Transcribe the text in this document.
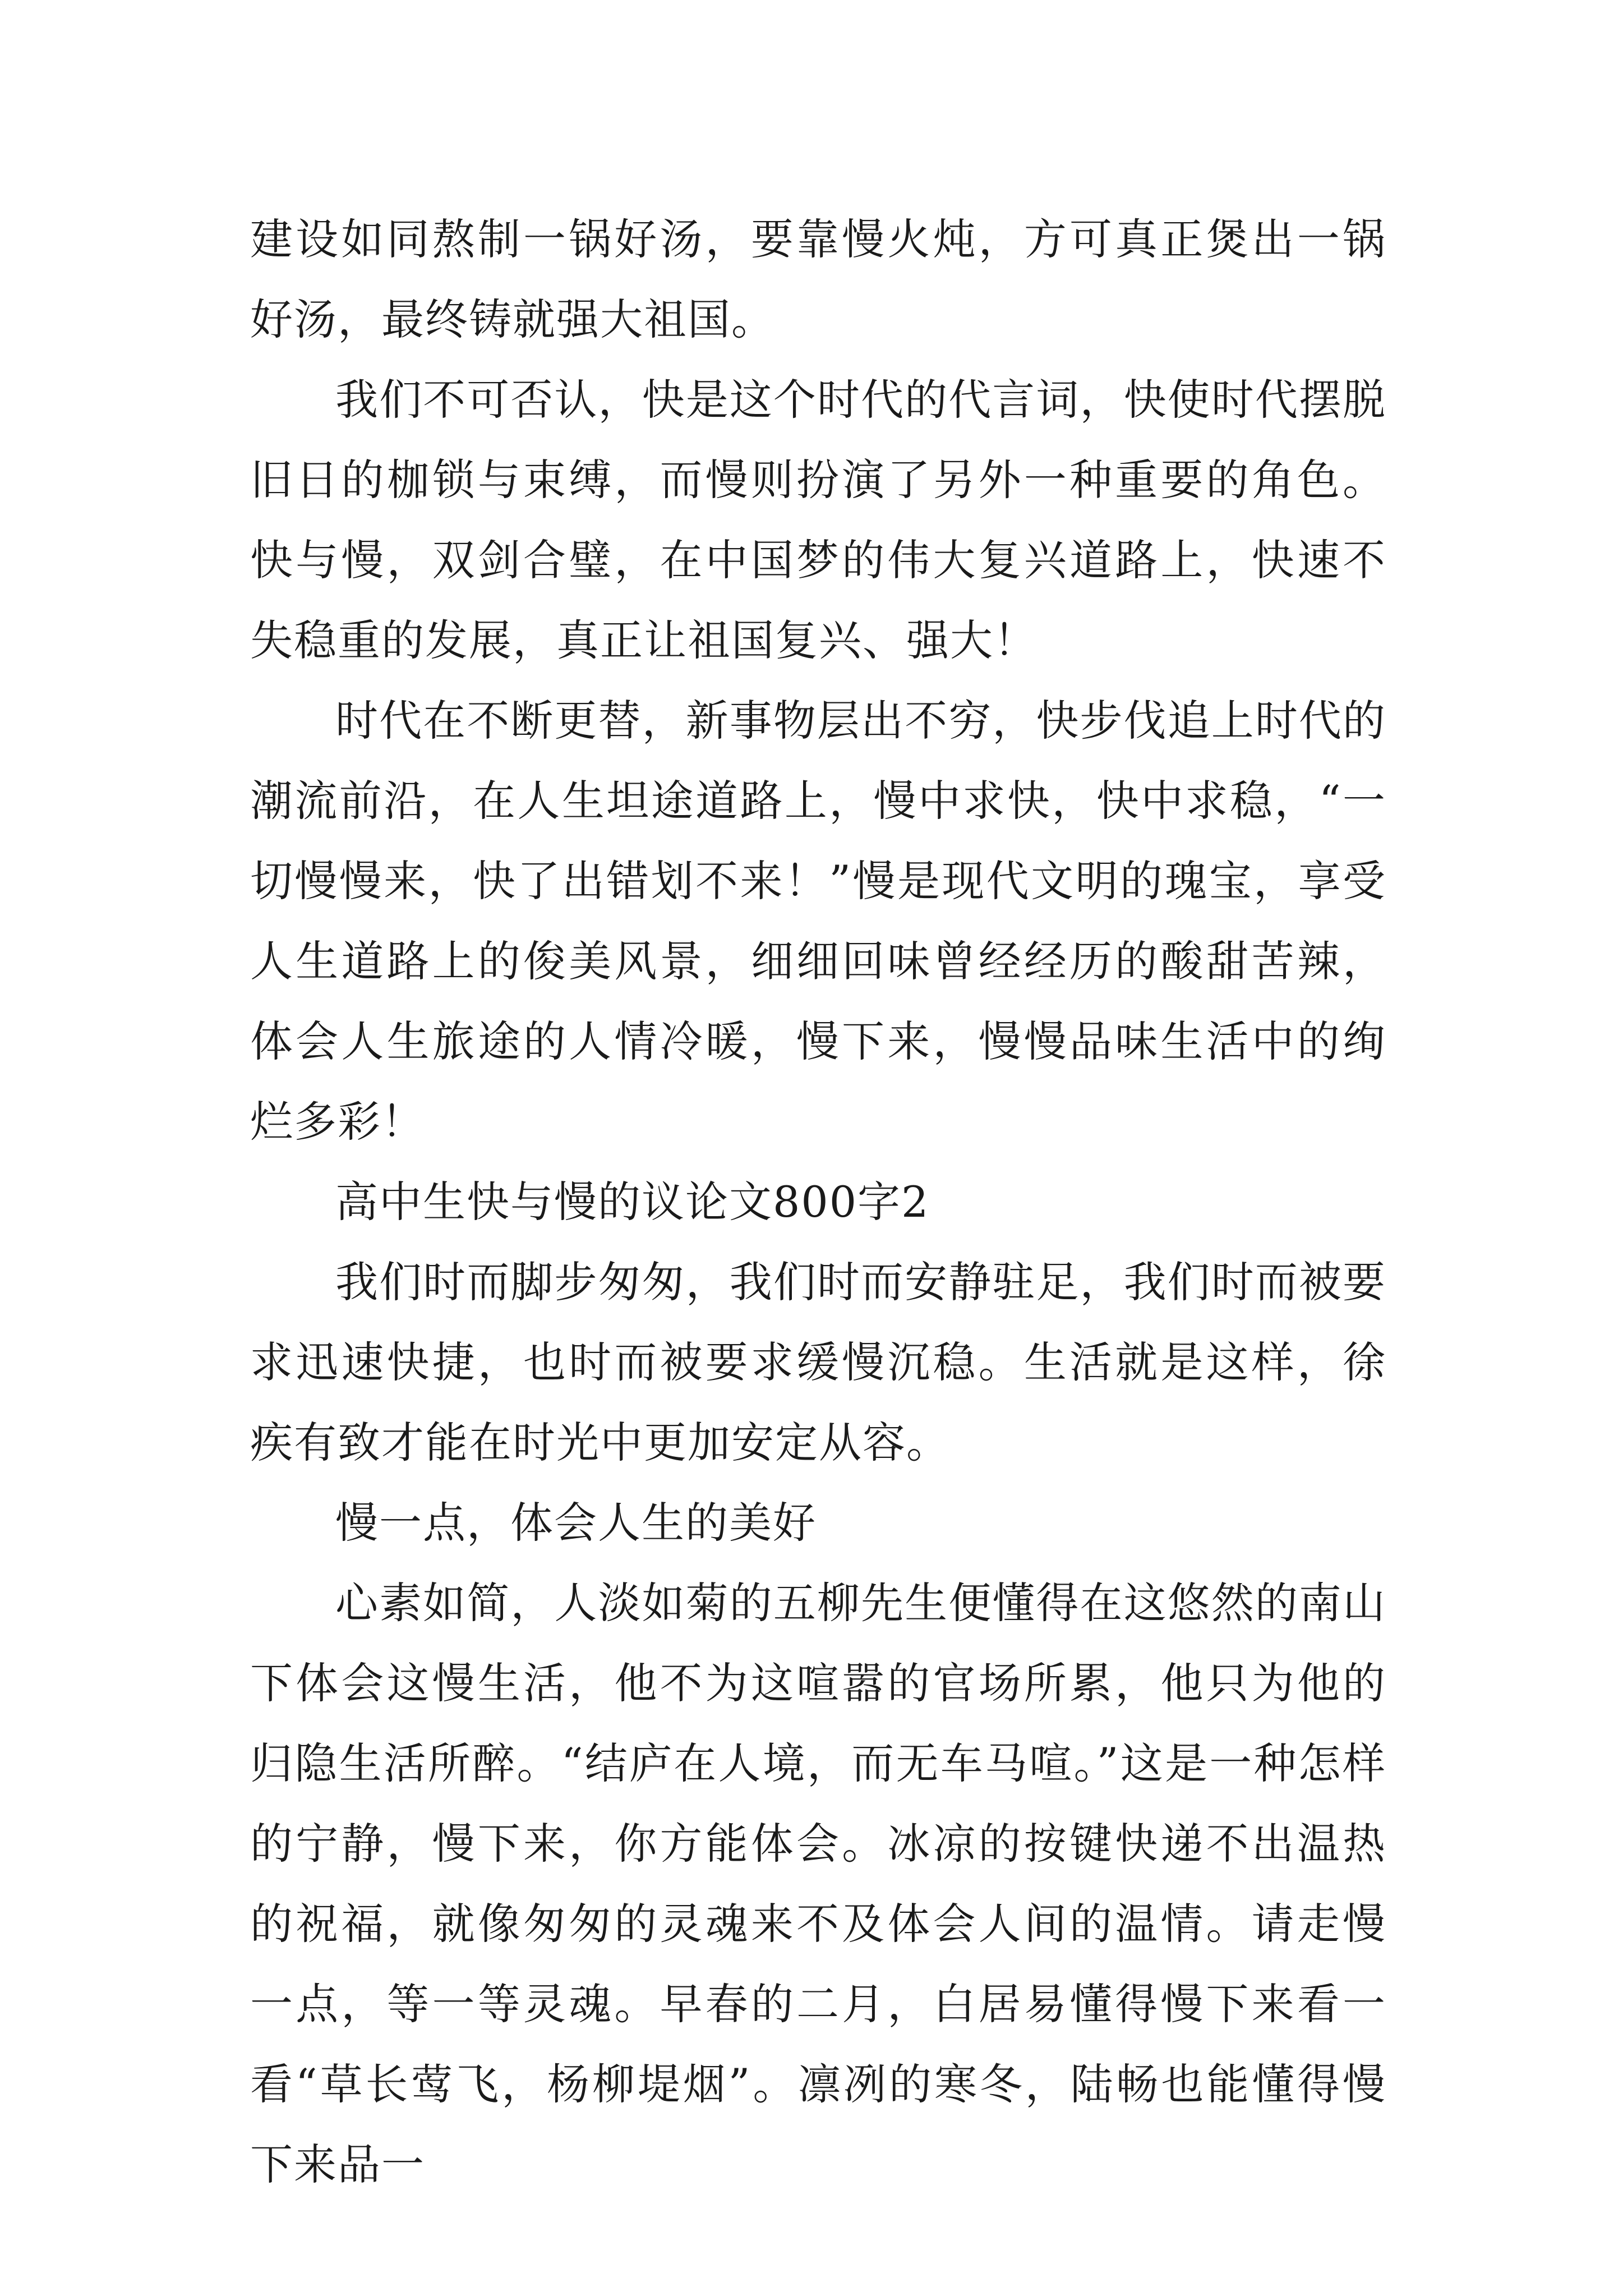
建设如同熬制一锅好汤，要靠慢火炖，方可真正煲出一锅好汤，最终铸就强大祖国。

我们不可否认，快是这个时代的代言词，快使时代摆脱旧日的枷锁与束缚，而慢则扮演了另外一种重要的角色。快与慢，双剑合璧，在中国梦的伟大复兴道路上，快速不失稳重的发展，真正让祖国复兴、强大！

时代在不断更替，新事物层出不穷，快步伐追上时代的潮流前沿，在人生坦途道路上，慢中求快，快中求稳，“一切慢慢来，快了出错划不来！”慢是现代文明的瑰宝，享受人生道路上的俊美风景，细细回味曾经经历的酸甜苦辣，体会人生旅途的人情冷暖，慢下来，慢慢品味生活中的绚烂多彩！

高中生快与慢的议论文800字2

我们时而脚步匆匆，我们时而安静驻足，我们时而被要求迅速快捷，也时而被要求缓慢沉稳。生活就是这样，徐疾有致才能在时光中更加安定从容。

慢一点，体会人生的美好

心素如简，人淡如菊的五柳先生便懂得在这悠然的南山下体会这慢生活，他不为这喧嚣的官场所累，他只为他的归隐生活所醉。“结庐在人境，而无车马喧。”这是一种怎样的宁静，慢下来，你方能体会。冰凉的按键快递不出温热的祝福，就像匆匆的灵魂来不及体会人间的温情。请走慢一点，等一等灵魂。早春的二月，白居易懂得慢下来看一看“草长莺飞，杨柳堤烟”。凛冽的寒冬，陆畅也能懂得慢下来品一
